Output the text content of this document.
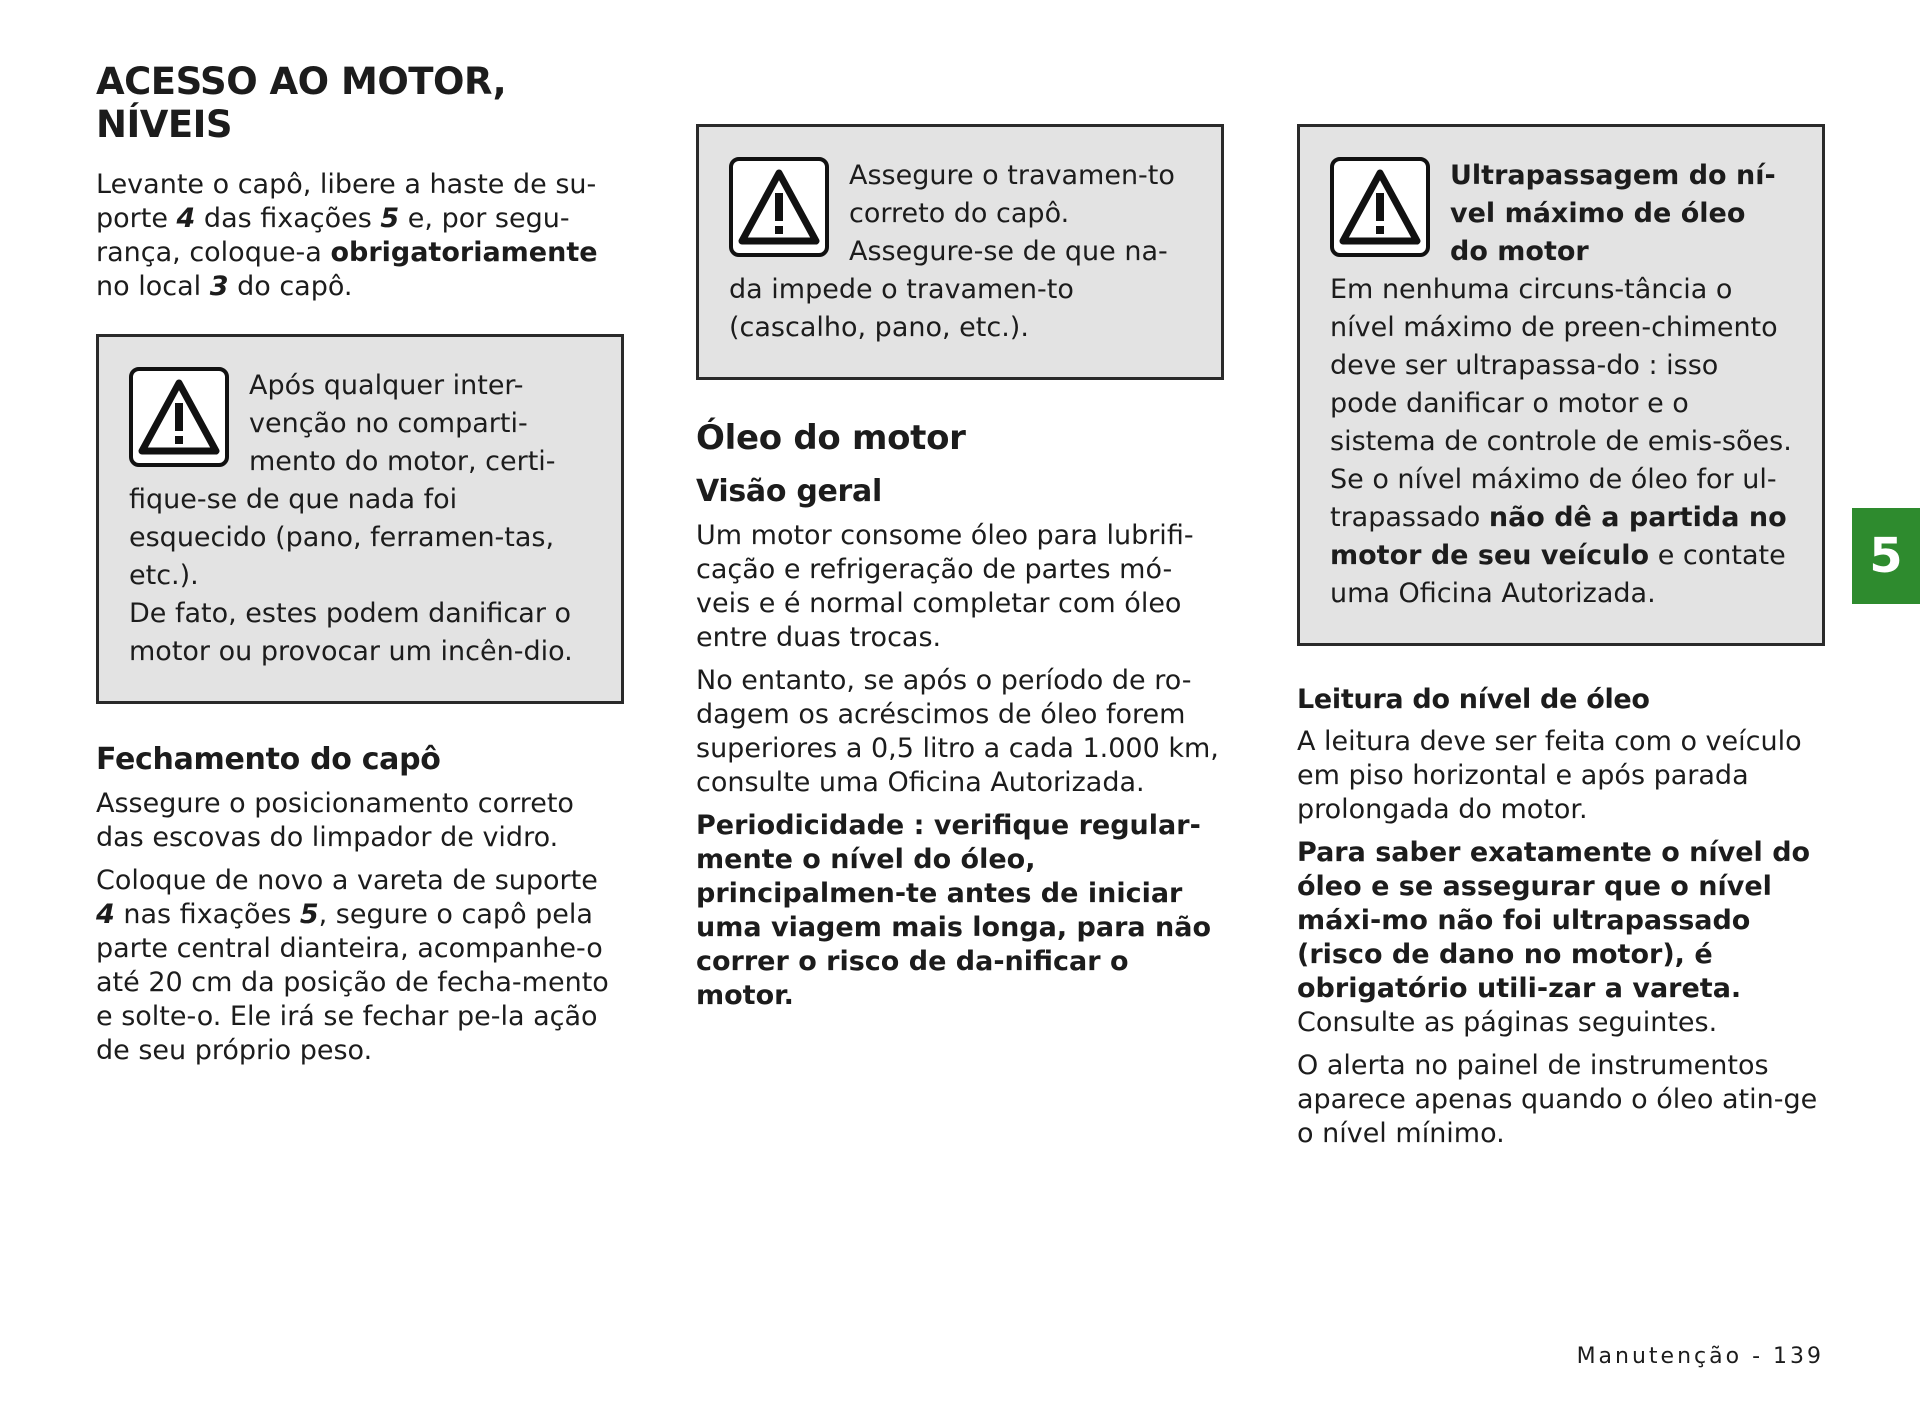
ACESSO AO MOTOR, NÍVEIS

Levante o capô, libere a haste de su-porte 4 das fixações 5 e, por segu-rança, coloque-a obrigatoriamente no local 3 do capô.

Após qualquer inter-venção no comparti-mento do motor, certi-fique-se de que nada foi esquecido (pano, ferramen-tas, etc.).

De fato, estes podem danificar o motor ou provocar um incên-dio.

Fechamento do capô

Assegure o posicionamento correto das escovas do limpador de vidro.

Coloque de novo a vareta de suporte 4 nas fixações 5, segure o capô pela parte central dianteira, acompanhe-o até 20 cm da posição de fecha-mento e solte-o. Ele irá se fechar pe-la ação de seu próprio peso.

Assegure o travamen-to correto do capô. Assegure-se de que na-da impede o travamen-to (cascalho, pano, etc.).

Óleo do motor
Visão geral

Um motor consome óleo para lubrifi-cação e refrigeração de partes mó-veis e é normal completar com óleo entre duas trocas.

No entanto, se após o período de ro-dagem os acréscimos de óleo forem superiores a 0,5 litro a cada 1.000 km, consulte uma Oficina Autorizada.

Periodicidade : verifique regular-mente o nível do óleo, principalmen-te antes de iniciar uma viagem mais longa, para não correr o risco de da-nificar o motor.

Ultrapassagem do ní-vel máximo de óleo do motor

Em nenhuma circuns-tância o nível máximo de preen-chimento deve ser ultrapassa-do : isso pode danificar o motor e o sistema de controle de emis-sões.

Se o nível máximo de óleo for ul-trapassado não dê a partida no motor de seu veículo e contate uma Oficina Autorizada.

Leitura do nível de óleo

A leitura deve ser feita com o veículo em piso horizontal e após parada prolongada do motor.

Para saber exatamente o nível do óleo e se assegurar que o nível máxi-mo não foi ultrapassado (risco de dano no motor), é obrigatório utili-zar a vareta. Consulte as páginas seguintes.

O alerta no painel de instrumentos aparece apenas quando o óleo atin-ge o nível mínimo.

5
Manutenção - 139
